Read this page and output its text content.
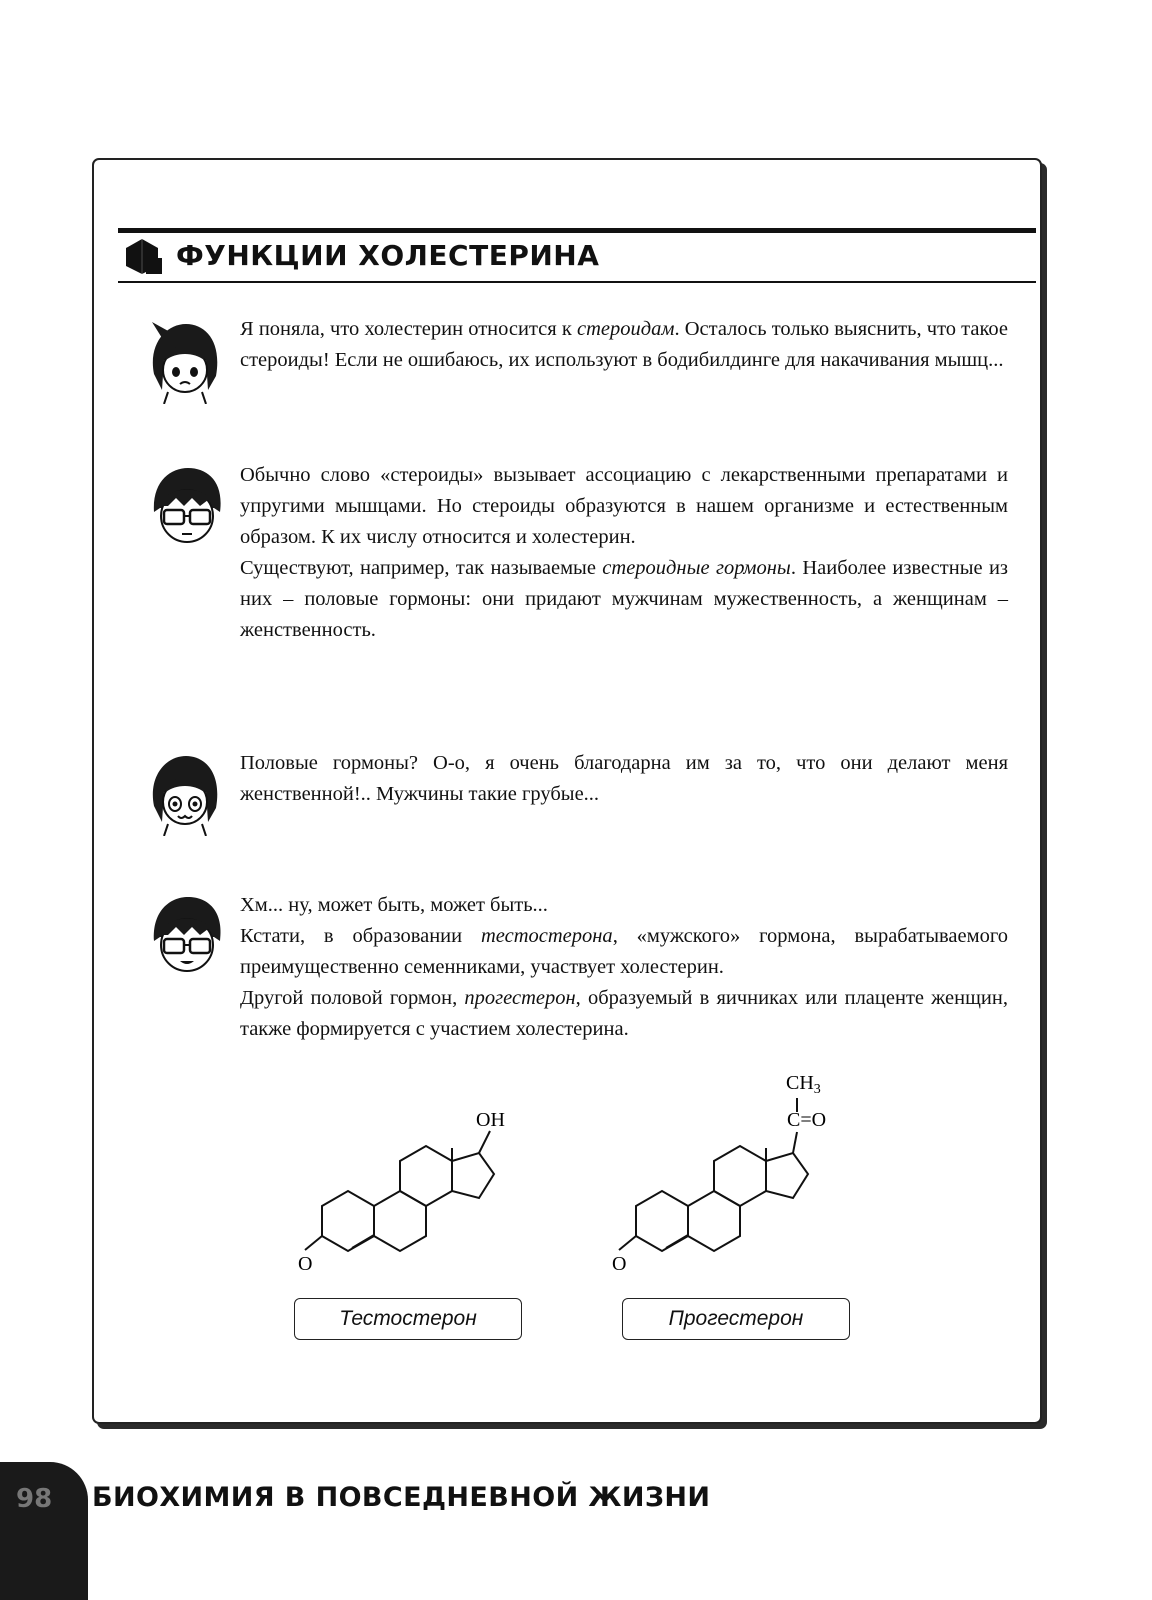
ФУНКЦИИ ХОЛЕСТЕРИНА

Я поняла, что холестерин относится к стероидам. Осталось только выяснить, что такое стероиды! Если не ошибаюсь, их используют в бодибилдинге для накачивания мышц...

Обычно слово «стероиды» вызывает ассоциацию с лекарственными препаратами и упругими мышцами. Но стероиды образуются в нашем организме и естественным образом. К их числу относится и холестерин.

Существуют, например, так называемые стероидные гормоны. Наиболее известные из них – половые гормоны: они придают мужчинам мужественность, а женщинам – женственность.

Половые гормоны? О-о, я очень благодарна им за то, что они делают меня женственной!.. Мужчины такие грубые...

Хм... ну, может быть, может быть...

Кстати, в образовании тестостерона, «мужского» гормона, вырабатываемого преимущественно семенниками, участвует холестерин.

Другой половой гормон, прогестерон, образуемый в яичниках или плаценте женщин, также формируется с участием холестерина.

O
OH
Тестостерон
O
C=O
$CH_3$
Прогестерон
98 БИОХИМИЯ В ПОВСЕДНЕВНОЙ ЖИЗНИ
